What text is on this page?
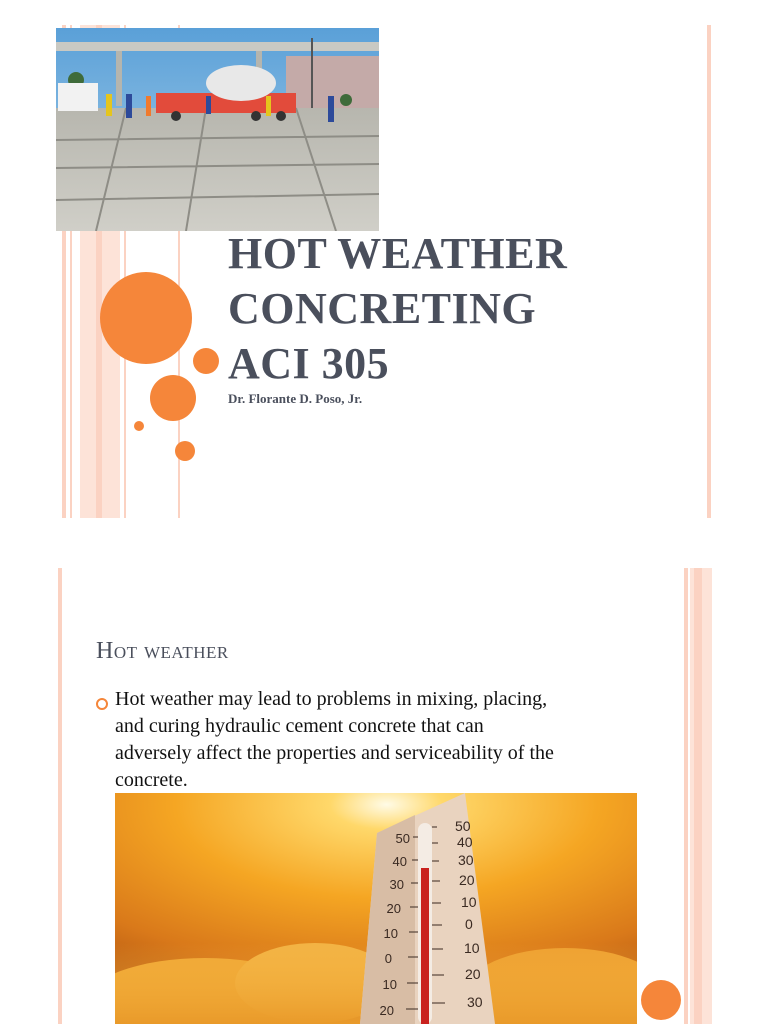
HOT WEATHER
CONCRETING
ACI 305
Dr. Florante D. Poso, Jr.
Hot weather
Hot weather may lead to problems in mixing, placing, and curing hydraulic cement concrete that can adversely affect the properties and serviceability of the concrete.
50
40
30
20
10
0
10
20
50
40
30
20
10
0
10
20
30
